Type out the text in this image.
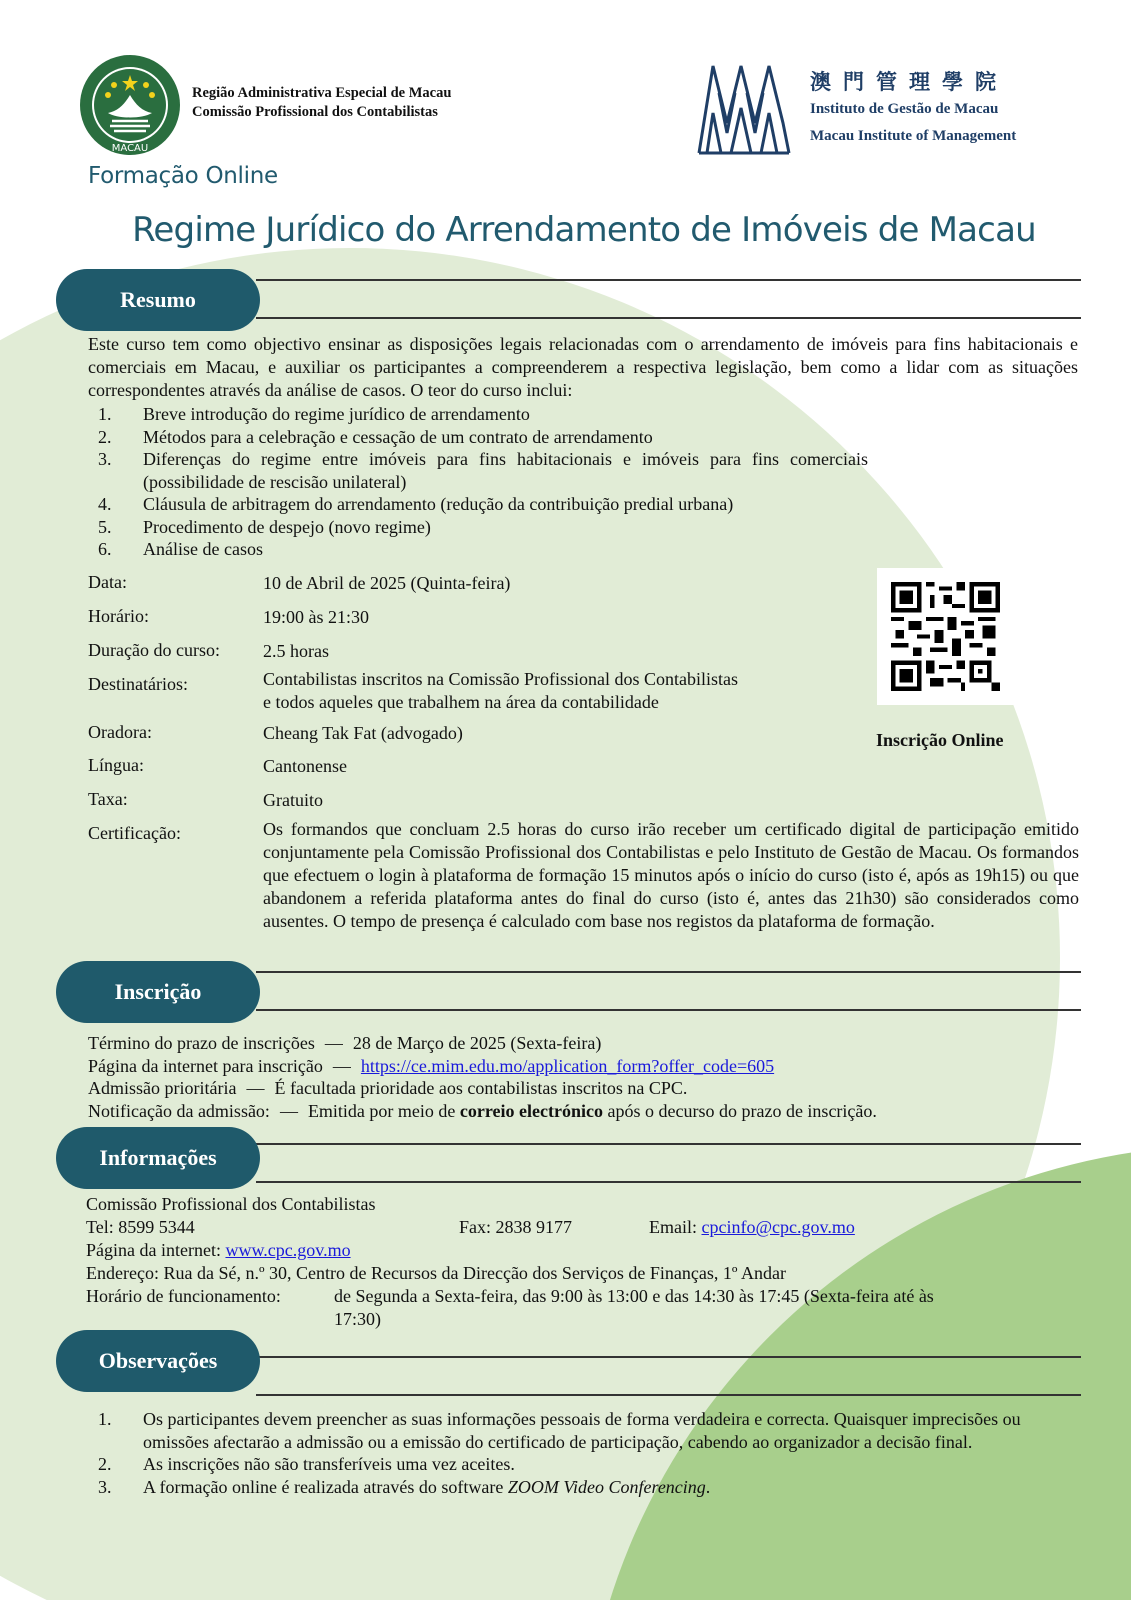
MACAU
Região Administrativa Especial de Macau
Comissão Profissional dos Contabilistas
澳門管理學院
Instituto de Gestão de Macau
Macau Institute of Management
Formação Online
Regime Jurídico do Arrendamento de Imóveis de Macau
Resumo
Este curso tem como objectivo ensinar as disposições legais relacionadas com o arrendamento de imóveis para fins habitacionais e comerciais em Macau, e auxiliar os participantes a compreenderem a respectiva legislação, bem como a lidar com as situações correspondentes através da análise de casos. O teor do curso inclui:
1. Breve introdução do regime jurídico de arrendamento
2. Métodos para a celebração e cessação de um contrato de arrendamento
3. Diferenças do regime entre imóveis para fins habitacionais e imóveis para fins comerciais (possibilidade de rescisão unilateral)
4. Cláusula de arbitragem do arrendamento (redução da contribuição predial urbana)
5. Procedimento de despejo (novo regime)
6. Análise de casos
Data:	10 de Abril de 2025 (Quinta-feira)
Horário:	19:00 às 21:30
Duração do curso: 2.5 horas
Destinatários:	Contabilistas inscritos na Comissão Profissional dos Contabilistas
e todos aqueles que trabalhem na área da contabilidade
Oradora:	Cheang Tak Fat (advogado)
Língua:	Cantonense
Taxa:	Gratuito
Certificação:	Os formandos que concluam 2.5 horas do curso irão receber um certificado digital de participação emitido conjuntamente pela Comissão Profissional dos Contabilistas e pelo Instituto de Gestão de Macau. Os formandos que efectuem o login à plataforma de formação 15 minutos após o início do curso (isto é, após as 19h15) ou que abandonem a referida plataforma antes do final do curso (isto é, antes das 21h30) são considerados como ausentes. O tempo de presença é calculado com base nos registos da plataforma de formação.
Inscrição Online
Inscrição
Término do prazo de inscrições — 28 de Março de 2025 (Sexta-feira)
Página da internet para inscrição — https://ce.mim.edu.mo/application_form?offer_code=605
Admissão prioritária — É facultada prioridade aos contabilistas inscritos na CPC.
Notificação da admissão: — Emitida por meio de correio electrónico após o decurso do prazo de inscrição.
Informações
Comissão Profissional dos Contabilistas
Tel: 8599 5344	Fax: 2838 9177	Email: cpcinfo@cpc.gov.mo
Página da internet: www.cpc.gov.mo
Endereço: Rua da Sé, n.º 30, Centro de Recursos da Direcção dos Serviços de Finanças, 1º Andar
Horário de funcionamento:	de Segunda a Sexta-feira, das 9:00 às 13:00 e das 14:30 às 17:45 (Sexta-feira até às
17:30)
Observações
1. Os participantes devem preencher as suas informações pessoais de forma verdadeira e correcta. Quaisquer imprecisões ou omissões afectarão a admissão ou a emissão do certificado de participação, cabendo ao organizador a decisão final.
2. As inscrições não são transferíveis uma vez aceites.
3. A formação online é realizada através do software ZOOM Video Conferencing.
